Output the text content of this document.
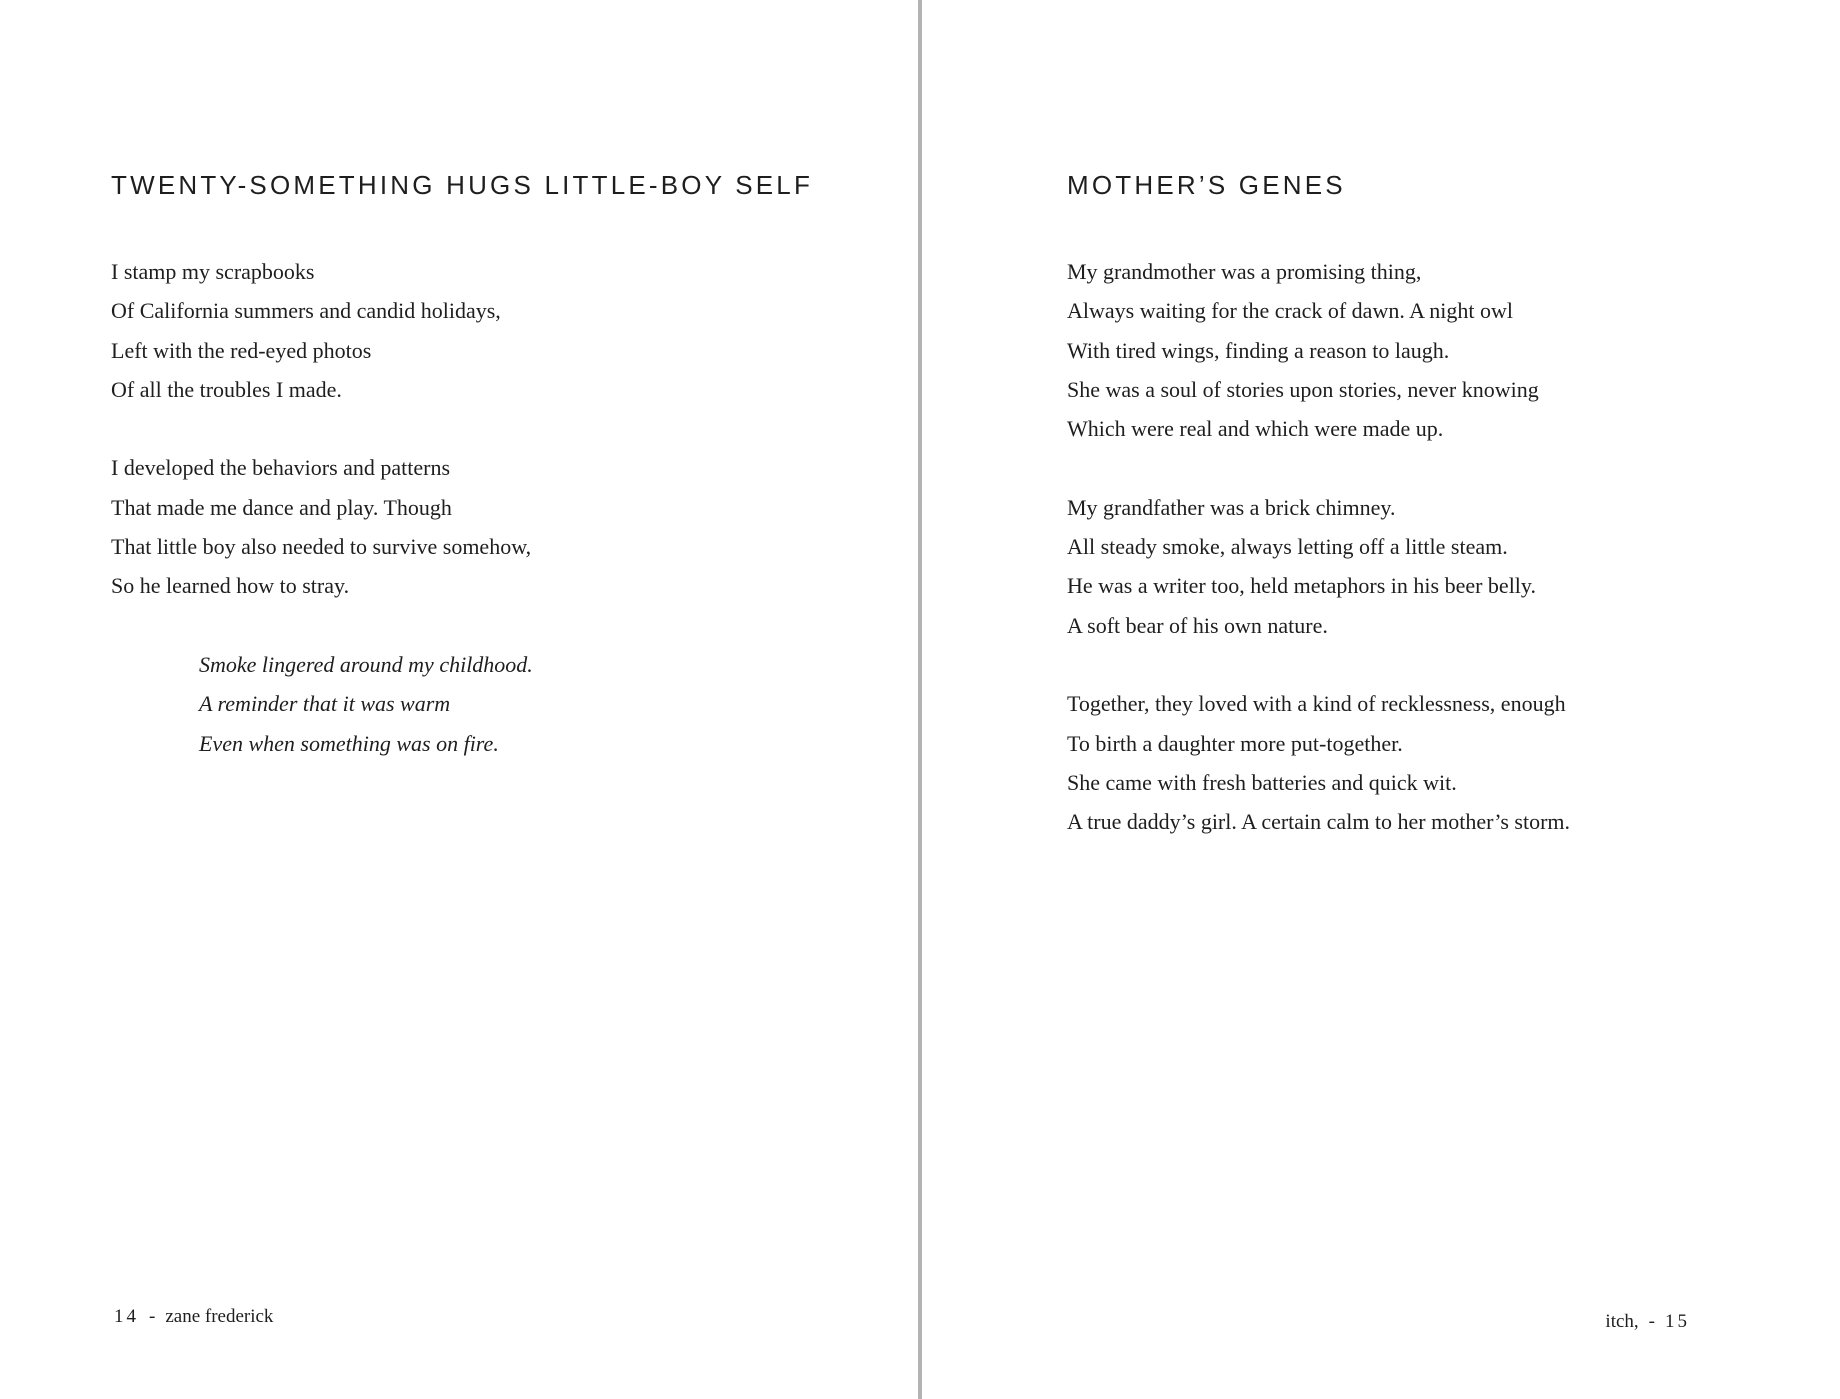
TWENTY-SOMETHING HUGS LITTLE-BOY SELF

I stamp my scrapbooks
Of California summers and candid holidays,
Left with the red-eyed photos
Of all the troubles I made.

I developed the behaviors and patterns
That made me dance and play. Though
That little boy also needed to survive somehow,
So he learned how to stray.

Smoke lingered around my childhood.
A reminder that it was warm
Even when something was on fire.

14 - zane frederick
MOTHER’S GENES

My grandmother was a promising thing,
Always waiting for the crack of dawn. A night owl
With tired wings, finding a reason to laugh.
She was a soul of stories upon stories, never knowing
Which were real and which were made up.

My grandfather was a brick chimney.
All steady smoke, always letting off a little steam.
He was a writer too, held metaphors in his beer belly.
A soft bear of his own nature.

Together, they loved with a kind of recklessness, enough
To birth a daughter more put-together.
She came with fresh batteries and quick wit.
A true daddy’s girl. A certain calm to her mother’s storm.

itch, - 15
